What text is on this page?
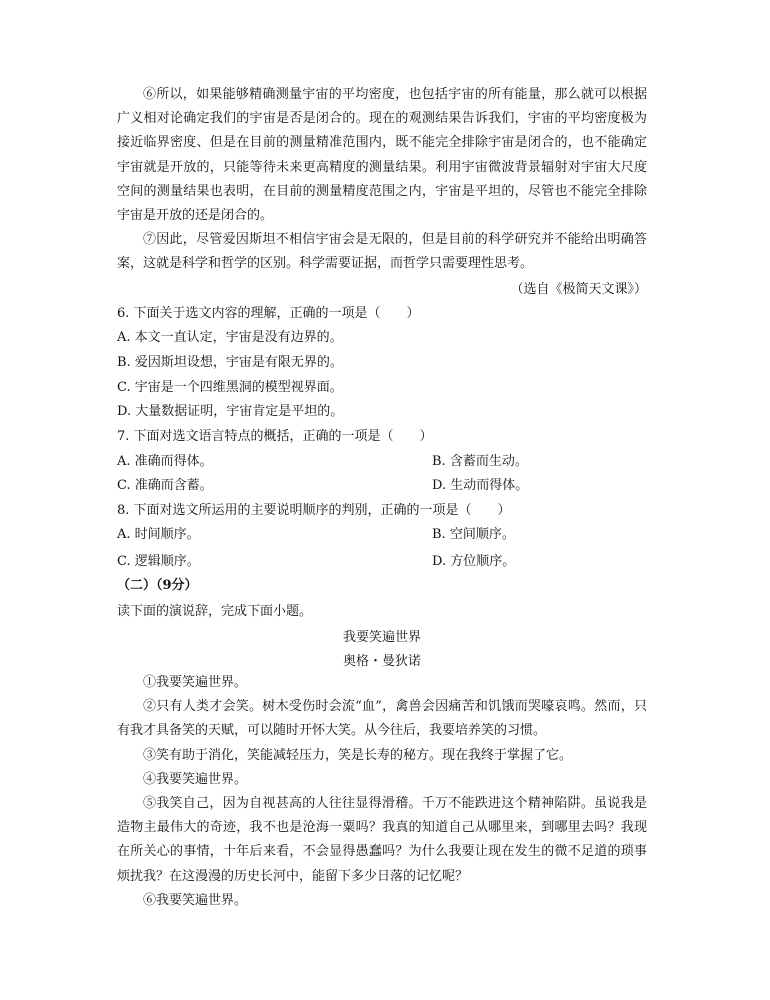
⑥所以，如果能够精确测量宇宙的平均密度，也包括宇宙的所有能量，那么就可以根据广义相对论确定我们的宇宙是否是闭合的。现在的观测结果告诉我们，宇宙的平均密度极为接近临界密度、但是在目前的测量精准范围内，既不能完全排除宇宙是闭合的，也不能确定宇宙就是开放的，只能等待未来更高精度的测量结果。利用宇宙微波背景辐射对宇宙大尺度空间的测量结果也表明，在目前的测量精度范围之内，宇宙是平坦的，尽管也不能完全排除宇宙是开放的还是闭合的。

⑦因此，尽管爱因斯坦不相信宇宙会是无限的，但是目前的科学研究并不能给出明确答案，这就是科学和哲学的区别。科学需要证据，而哲学只需要理性思考。

（选自《极简天文课》）
6. 下面关于选文内容的理解，正确的一项是（　　）
A. 本文一直认定，宇宙是没有边界的。
B. 爱因斯坦设想，宇宙是有限无界的。
C. 宇宙是一个四维黑洞的模型视界面。
D. 大量数据证明，宇宙肯定是平坦的。
7. 下面对选文语言特点的概括，正确的一项是（　　）
A. 准确而得体。	B. 含蓄而生动。
C. 准确而含蓄。	D. 生动而得体。
8. 下面对选文所运用的主要说明顺序的判别，正确的一项是（　　）
A. 时间顺序。	B. 空间顺序。
C. 逻辑顺序。	D. 方位顺序。
（二）（9分）
读下面的演说辞，完成下面小题。
我要笑遍世界
奥格・曼狄诺

①我要笑遍世界。

②只有人类才会笑。树木受伤时会流“血”，禽兽会因痛苦和饥饿而哭嚎哀鸣。然而，只有我才具备笑的天赋，可以随时开怀大笑。从今往后，我要培养笑的习惯。

③笑有助于消化，笑能减轻压力，笑是长寿的秘方。现在我终于掌握了它。

④我要笑遍世界。

⑤我笑自己，因为自视甚高的人往往显得滑稽。千万不能跌进这个精神陷阱。虽说我是造物主最伟大的奇迹，我不也是沧海一粟吗？我真的知道自己从哪里来，到哪里去吗？我现在所关心的事情，十年后来看，不会显得愚蠢吗？为什么我要让现在发生的微不足道的琐事烦扰我？在这漫漫的历史长河中，能留下多少日落的记忆呢？

⑥我要笑遍世界。
